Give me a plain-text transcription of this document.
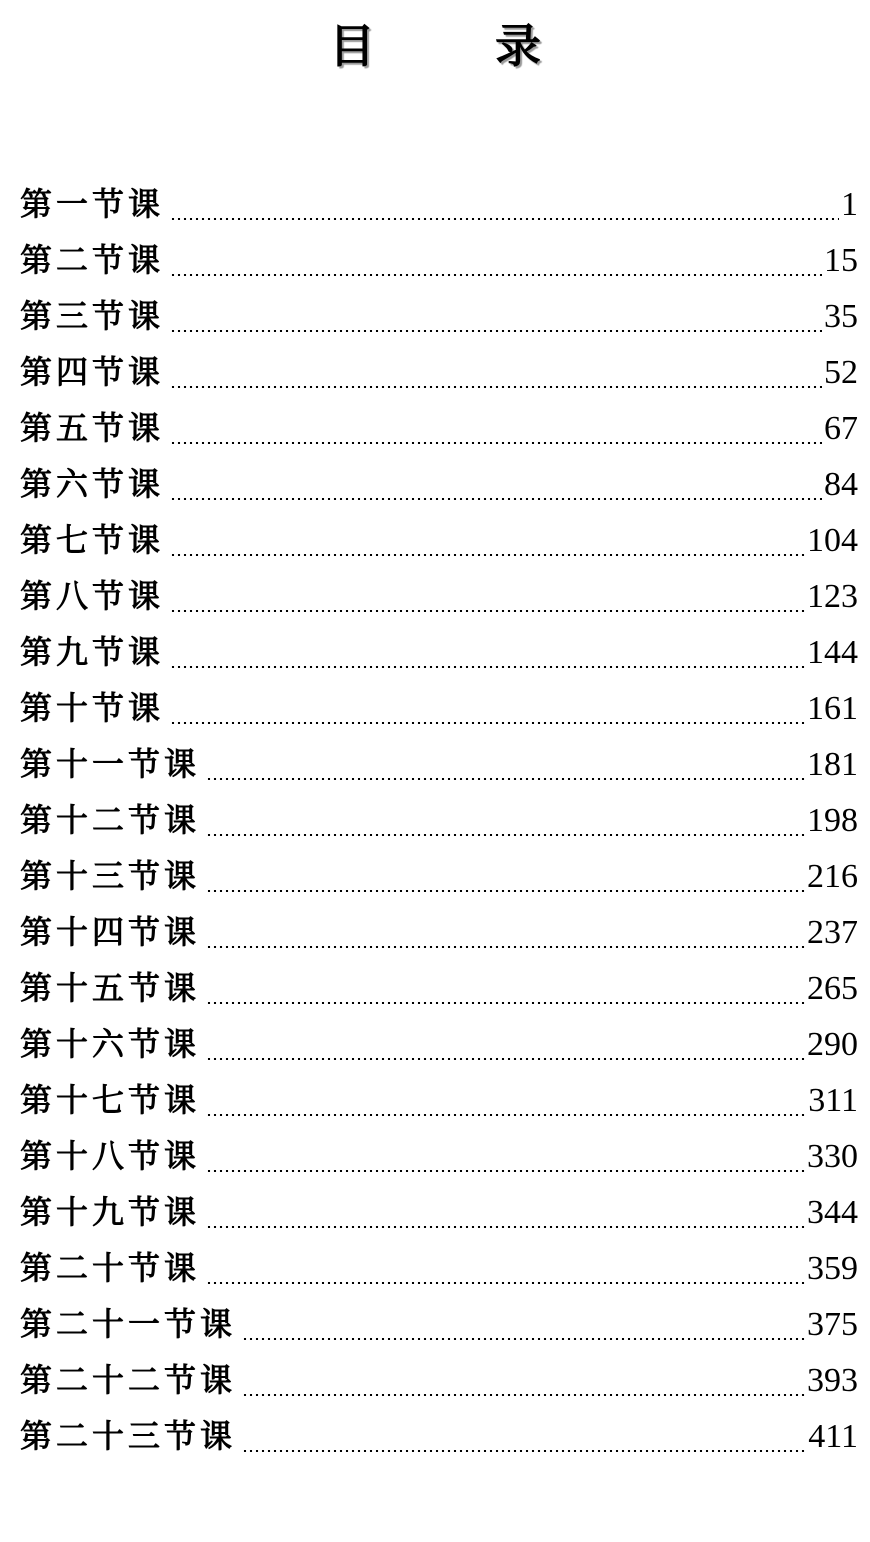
目 录
第一节课	1
第二节课	15
第三节课	35
第四节课	52
第五节课	67
第六节课	84
第七节课	104
第八节课	123
第九节课	144
第十节课	161
第十一节课	181
第十二节课	198
第十三节课	216
第十四节课	237
第十五节课	265
第十六节课	290
第十七节课	311
第十八节课	330
第十九节课	344
第二十节课	359
第二十一节课	375
第二十二节课	393
第二十三节课	411
